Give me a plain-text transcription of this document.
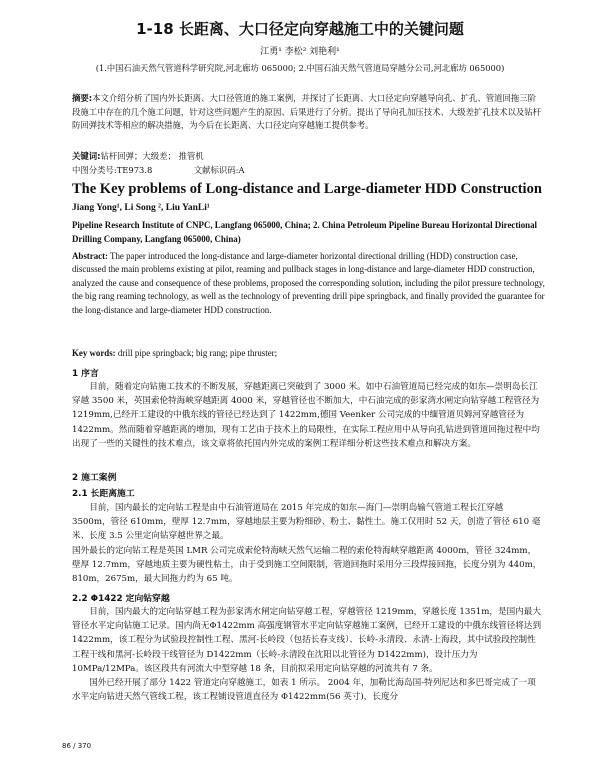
1-18 长距离、大口径定向穿越施工中的关键问题
江勇¹ 李松² 刘艳利¹
(1.中国石油天然气管道科学研究院,河北廊坊 065000; 2.中国石油天然气管道局穿越分公司,河北廊坊 065000)

摘要:本文介绍分析了国内外长距离、大口径管道的施工案例，并探讨了长距离、大口径定向穿越导向孔、扩孔、管道回拖三阶段施工中存在的几个施工问题，针对这些问题产生的原因、后果进行了分析。提出了导向孔加压技术、大级差扩孔技术以及钻杆防回弹技术等相应的解决措施，为今后在长距离、大口径定向穿越施工提供参考。

关键词:钻杆回弹；大级差； 推管机

中图分类号:TE973.8	文献标识码:A

The Key problems of Long-distance and Large-diameter HDD Construction
Jiang Yong¹, Li Song ², Liu YanLi¹
Pipeline Research Institute of CNPC, Langfang 065000, China; 2. China Petroleum Pipeline Bureau Horizontal Directional Drilling Company, Langfang 065000, China)
Abstract: The paper introduced the long-distance and large-diameter horizontal directional drilling (HDD) construction case, discussed the main problems existing at pilot, reaming and pullback stages in long-distance and large-diameter HDD construction, analyzed the cause and consequence of these problems, proposed the corresponding solution, including the pilot pressure technology, the big rang reaming technology, as well as the technology of preventing drill pipe springback, and finally provided the guarantee for the long-distance and large-diameter HDD construction.
Key words: drill pipe springback; big rang; pipe thruster;
1 序言

目前，随着定向钻施工技术的不断发展，穿越距离已突破到了 3000 米。如中石油管道局已经完成的如东—崇明岛长江穿越 3500 米，英国索伦特海峡穿越距离 4000 米，穿越管径也不断加大，中石油完成的彭家湾水闸定向钻穿越工程管径为 1219mm,已经开工建设的中俄东线的管径已经达到了 1422mm,德国 Veenker 公司完成的中缅管道贝姆河穿越管径为 1422mm。然而随着穿越距离的增加，现有工艺由于技术上的局限性，在实际工程应用中从导向孔钻进到管道回拖过程中均出现了一些的关键性的技术难点，该文章将依托国内外完成的案例工程详细分析这些技术难点和解决方案。

2 施工案例
2.1 长距离施工

目前，国内最长的定向钻工程是由中石油管道局在 2015 年完成的如东—海门—崇明岛输气管道工程长江穿越 3500m，管径 610mm，壁厚 12.7mm，穿越地层主要为粉细砂、粉土、黏性土。施工仅用时 52 天，创造了管径 610 毫米、长度 3.5 公里定向钻穿越世界之最。

国外最长的定向钻工程是英国 LMR 公司完成索伦特海峡天然气运输二程的索伦特海峡穿越距离 4000m，管径 324mm，壁厚 12.7mm，穿越地质主要为硬性粘土，由于受到施工空间限制，管道回拖时采用分三段焊接回拖，长度分别为 440m，810m，2675m，最大回拖力约为 65 吨。

2.2 Φ1422 定向钻穿越

目前，国内最大的定向钻穿越工程为彭家湾水闸定向钻穿越工程，穿越管径 1219mm，穿越长度 1351m，是国内最大管径水平定向钻施工记录。国内尚无Φ1422mm 高强度钢管水平定向钻穿越施工案例，已经开工建设的中俄东线管径将达到 1422mm，该工程分为试验段控制性工程、黑河-长岭段（包括长春支线）、长岭-永清段、永清-上海段，其中试验段控制性工程干线和黑河-长岭段干线管径为 D1422mm（长岭-永清段在沈阳以北管径为 D1422mm)，设计压力为 10MPa/12MPa。该区段共有河流大中型穿越 18 条，目前拟采用定向钻穿越的河流共有 7 条。

国外已经开展了部分 1422 管道定向穿越施工，如表 1 所示。 2004 年，加勒比海岛国-特列尼达和多巴哥完成了一项水平定向钻进天然气管线工程，该工程铺设管道直径为 Φ1422mm(56 英寸)，长度分

86 / 370
